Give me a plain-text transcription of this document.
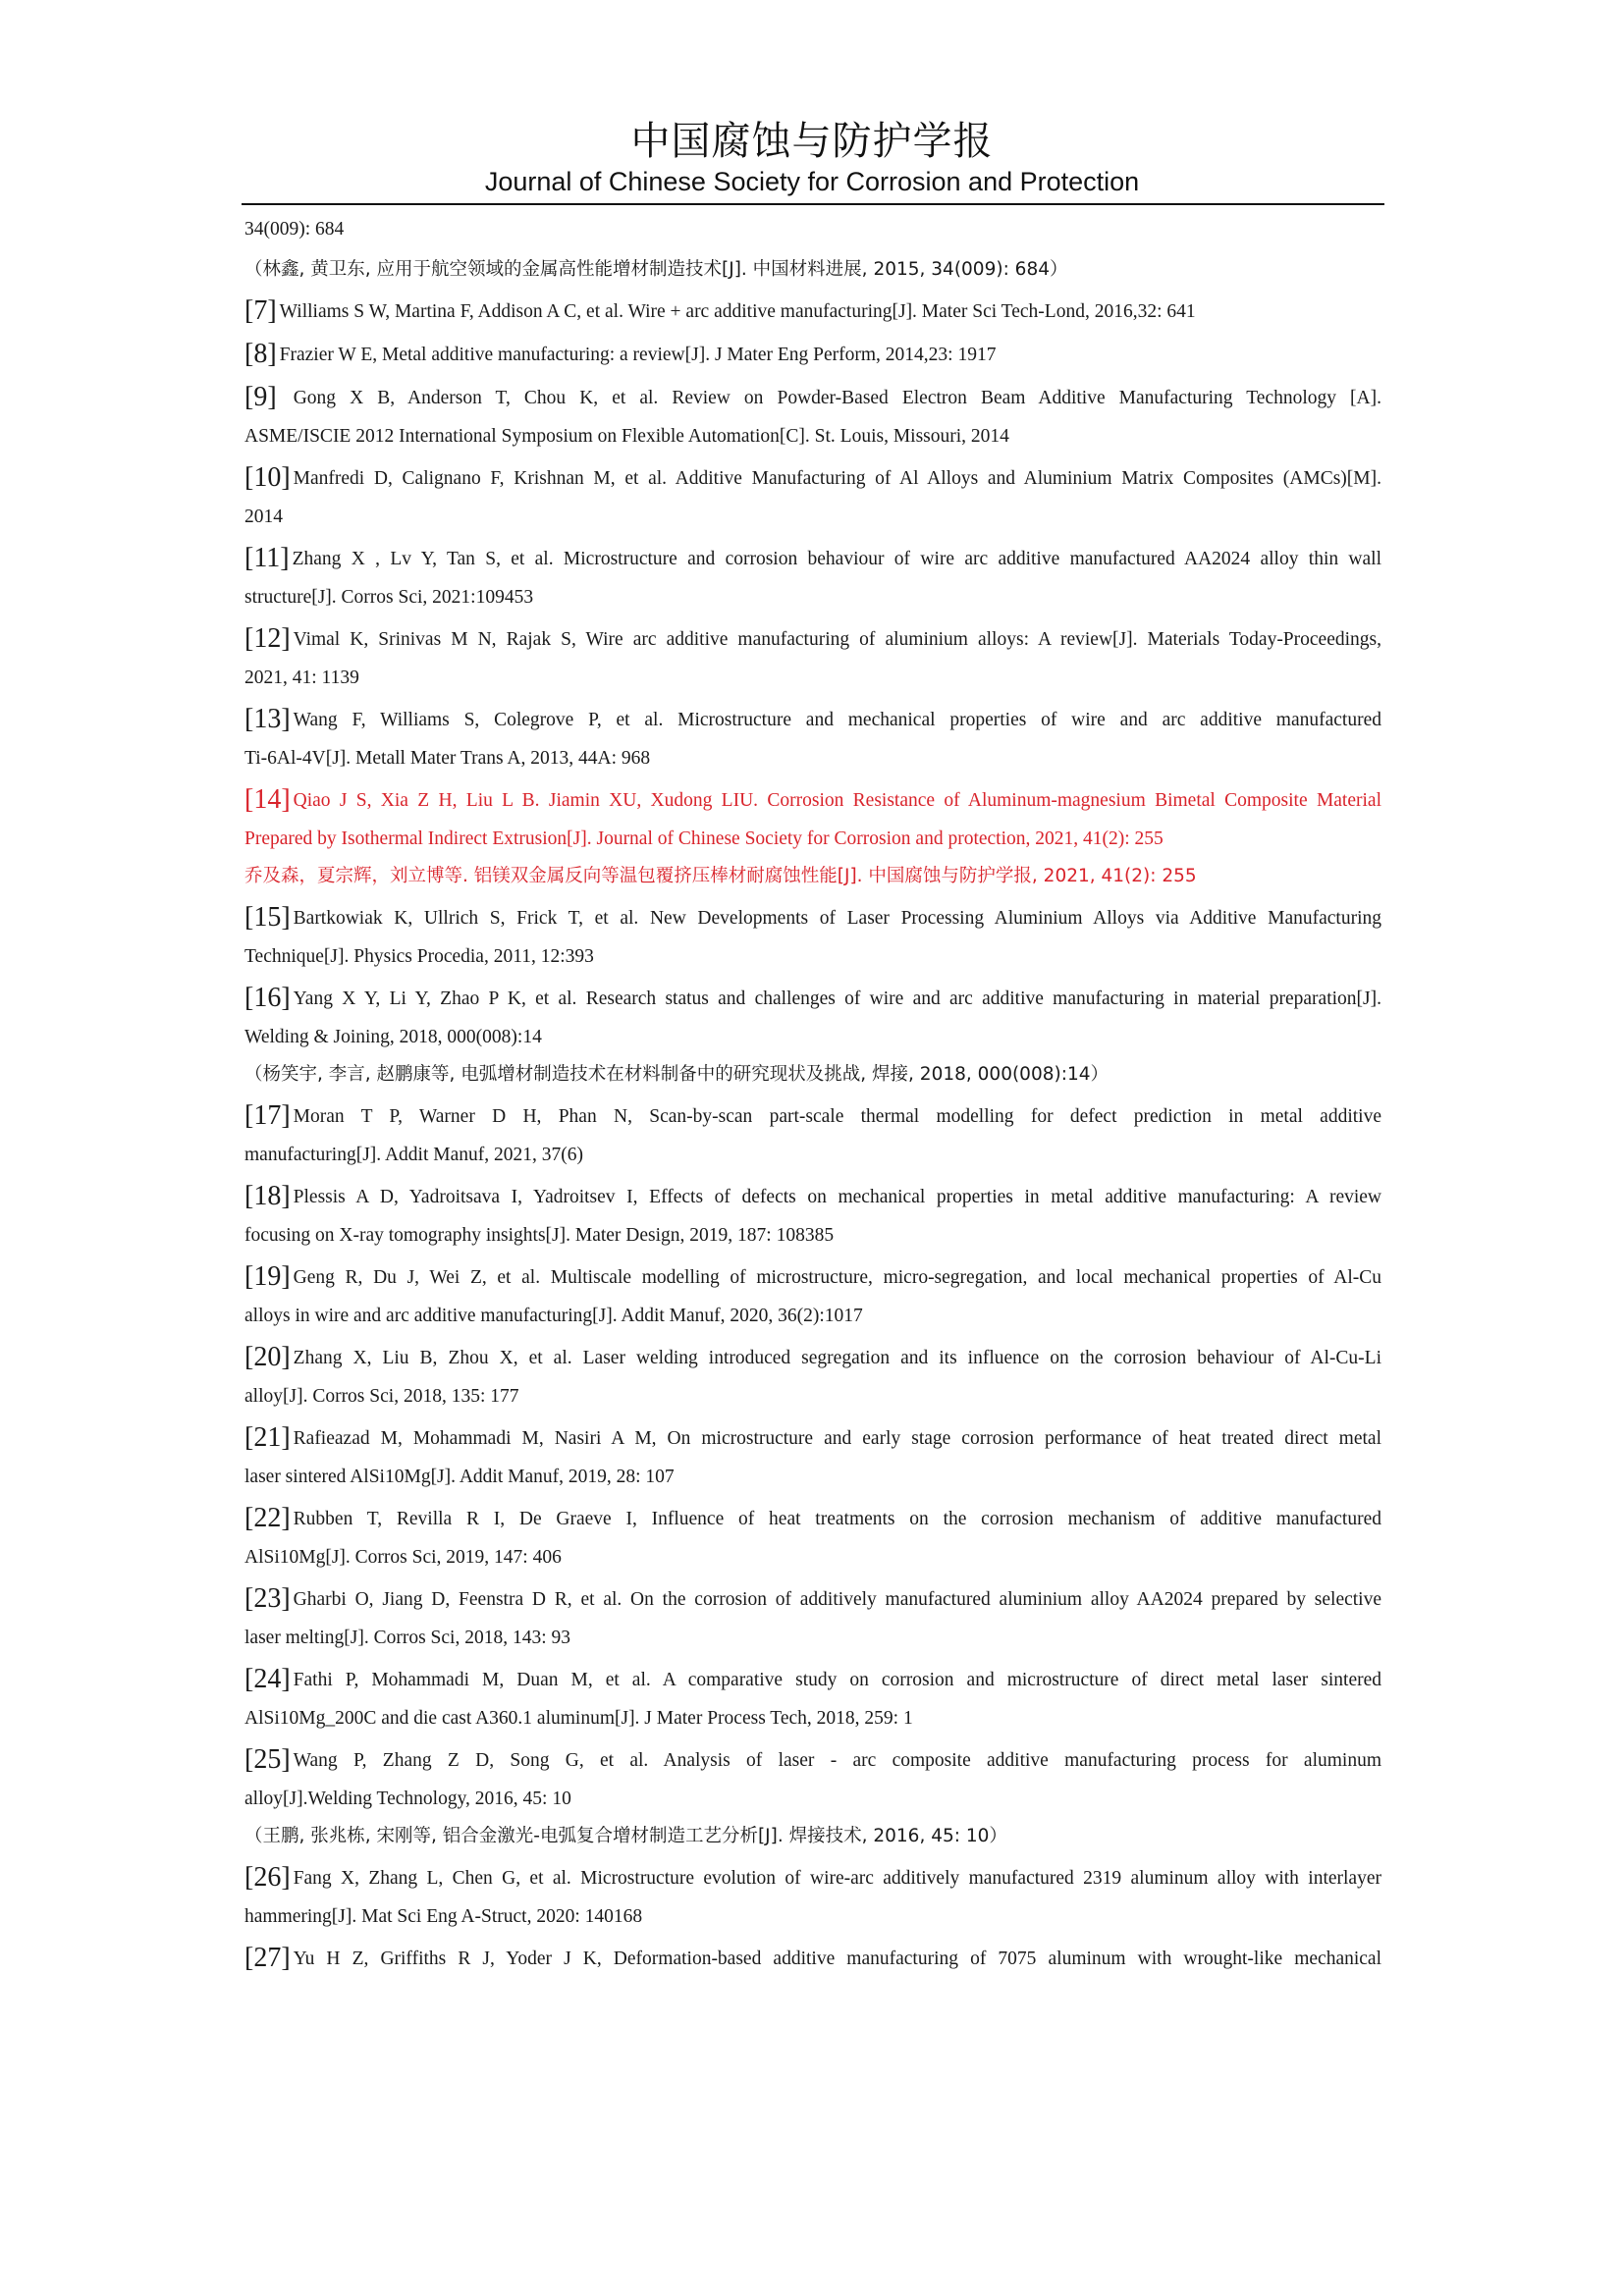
中国腐蚀与防护学报
Journal of Chinese Society for Corrosion and Protection
34(009): 684
（林鑫, 黄卫东, 应用于航空领域的金属高性能增材制造技术[J]. 中国材料进展, 2015, 34(009): 684）
[7] Williams S W, Martina F, Addison A C, et al. Wire + arc additive manufacturing[J]. Mater Sci Tech-Lond, 2016,32: 641
[8] Frazier W E, Metal additive manufacturing: a review[J]. J Mater Eng Perform, 2014,23: 1917
[9] Gong X B, Anderson T, Chou K, et al. Review on Powder-Based Electron Beam Additive Manufacturing Technology [A].
ASME/ISCIE 2012 International Symposium on Flexible Automation[C]. St. Louis, Missouri, 2014
[10] Manfredi D, Calignano F, Krishnan M, et al. Additive Manufacturing of Al Alloys and Aluminium Matrix Composites (AMCs)[M].
2014
[11] Zhang X , Lv Y, Tan S, et al. Microstructure and corrosion behaviour of wire arc additive manufactured AA2024 alloy thin wall
structure[J]. Corros Sci, 2021:109453
[12] Vimal K, Srinivas M N, Rajak S, Wire arc additive manufacturing of aluminium alloys: A review[J]. Materials Today-Proceedings,
2021, 41: 1139
[13] Wang F, Williams S, Colegrove P, et al. Microstructure and mechanical properties of wire and arc additive manufactured
Ti-6Al-4V[J]. Metall Mater Trans A, 2013, 44A: 968
[14] Qiao J S, Xia Z H, Liu L B. Jiamin XU, Xudong LIU. Corrosion Resistance of Aluminum-magnesium Bimetal Composite Material
Prepared by Isothermal Indirect Extrusion[J]. Journal of Chinese Society for Corrosion and protection, 2021, 41(2): 255
乔及森，夏宗辉，刘立博等. 铝镁双金属反向等温包覆挤压棒材耐腐蚀性能[J]. 中国腐蚀与防护学报, 2021, 41(2): 255
[15] Bartkowiak K, Ullrich S, Frick T, et al. New Developments of Laser Processing Aluminium Alloys via Additive Manufacturing
Technique[J]. Physics Procedia, 2011, 12:393
[16] Yang X Y, Li Y, Zhao P K, et al. Research status and challenges of wire and arc additive manufacturing in material preparation[J].
Welding & Joining, 2018, 000(008):14
（杨笑宇, 李言, 赵鹏康等, 电弧增材制造技术在材料制备中的研究现状及挑战, 焊接, 2018, 000(008):14）
[17] Moran T P, Warner D H, Phan N, Scan-by-scan part-scale thermal modelling for defect prediction in metal additive
manufacturing[J]. Addit Manuf, 2021, 37(6)
[18] Plessis A D, Yadroitsava I, Yadroitsev I, Effects of defects on mechanical properties in metal additive manufacturing: A review
focusing on X-ray tomography insights[J]. Mater Design, 2019, 187: 108385
[19] Geng R, Du J, Wei Z, et al. Multiscale modelling of microstructure, micro-segregation, and local mechanical properties of Al-Cu
alloys in wire and arc additive manufacturing[J]. Addit Manuf, 2020, 36(2):1017
[20] Zhang X, Liu B, Zhou X, et al. Laser welding introduced segregation and its influence on the corrosion behaviour of Al-Cu-Li
alloy[J]. Corros Sci, 2018, 135: 177
[21] Rafieazad M, Mohammadi M, Nasiri A M, On microstructure and early stage corrosion performance of heat treated direct metal
laser sintered AlSi10Mg[J]. Addit Manuf, 2019, 28: 107
[22] Rubben T, Revilla R I, De Graeve I, Influence of heat treatments on the corrosion mechanism of additive manufactured
AlSi10Mg[J]. Corros Sci, 2019, 147: 406
[23] Gharbi O, Jiang D, Feenstra D R, et al. On the corrosion of additively manufactured aluminium alloy AA2024 prepared by selective
laser melting[J]. Corros Sci, 2018, 143: 93
[24] Fathi P, Mohammadi M, Duan M, et al. A comparative study on corrosion and microstructure of direct metal laser sintered
AlSi10Mg_200C and die cast A360.1 aluminum[J]. J Mater Process Tech, 2018, 259: 1
[25] Wang P, Zhang Z D, Song G, et al. Analysis of laser - arc composite additive manufacturing process for aluminum
alloy[J].Welding Technology, 2016, 45: 10
（王鹏, 张兆栋, 宋刚等, 铝合金激光-电弧复合增材制造工艺分析[J]. 焊接技术, 2016, 45: 10）
[26] Fang X, Zhang L, Chen G, et al. Microstructure evolution of wire-arc additively manufactured 2319 aluminum alloy with interlayer
hammering[J]. Mat Sci Eng A-Struct, 2020: 140168
[27] Yu H Z, Griffiths R J, Yoder J K, Deformation-based additive manufacturing of 7075 aluminum with wrought-like mechanical
